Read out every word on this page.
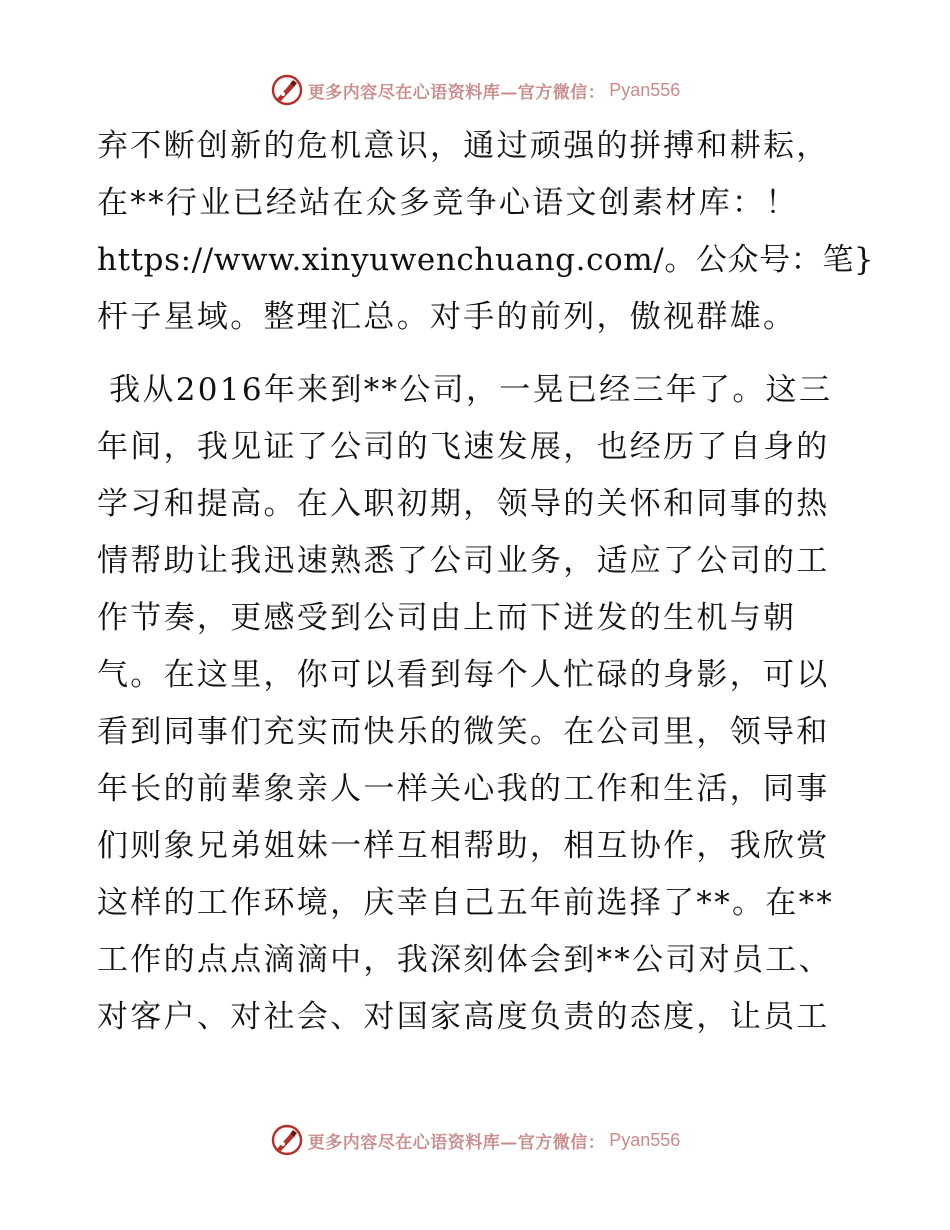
更多内容尽在心语资料库—官方微信： Pyan556
弃不断创新的危机意识，通过顽强的拼搏和耕耘，
在**行业已经站在众多竞争心语文创素材库：！
https://www.xinyuwenchuang.com/。公众号：笔}
杆子星域。整理汇总。对手的前列，傲视群雄。
我从2016年来到**公司，一晃已经三年了。这三
年间，我见证了公司的飞速发展，也经历了自身的
学习和提高。在入职初期，领导的关怀和同事的热
情帮助让我迅速熟悉了公司业务，适应了公司的工
作节奏，更感受到公司由上而下迸发的生机与朝
气。在这里，你可以看到每个人忙碌的身影，可以
看到同事们充实而快乐的微笑。在公司里，领导和
年长的前辈象亲人一样关心我的工作和生活，同事
们则象兄弟姐妹一样互相帮助，相互协作，我欣赏
这样的工作环境，庆幸自己五年前选择了**。在**
工作的点点滴滴中，我深刻体会到**公司对员工、
对客户、对社会、对国家高度负责的态度，让员工
更多内容尽在心语资料库—官方微信： Pyan556
